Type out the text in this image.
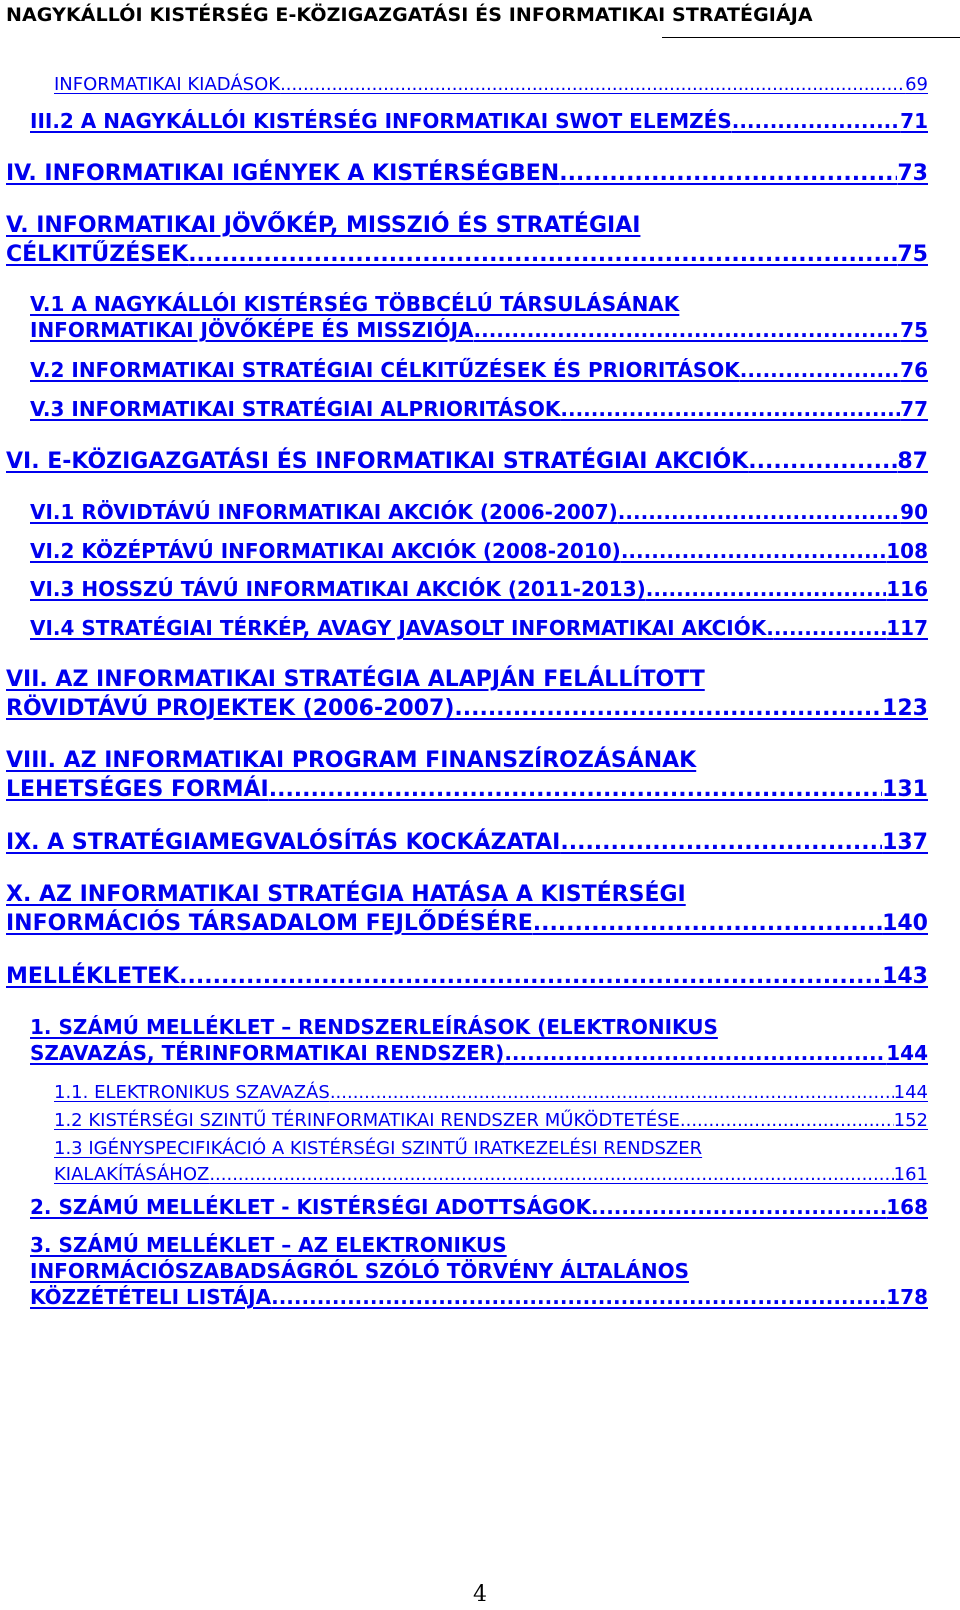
NAGYKÁLLÓI KISTÉRSÉG E-KÖZIGAZGATÁSI ÉS INFORMATIKAI STRATÉGIÁJA
INFORMATIKAI KIADÁSOK .....	69
III.2 A NAGYKÁLLÓI KISTÉRSÉG INFORMATIKAI SWOT ELEMZÉS .....	71
IV. INFORMATIKAI IGÉNYEK A KISTÉRSÉGBEN .....	73
V. INFORMATIKAI JÖVŐKÉP, MISSZIÓ ÉS STRATÉGIAI
CÉLKITŰZÉSEK .....	75
V.1 A NAGYKÁLLÓI KISTÉRSÉG TÖBBCÉLÚ TÁRSULÁSÁNAK
INFORMATIKAI JÖVŐKÉPE ÉS MISSZIÓJA .....	75
V.2 INFORMATIKAI STRATÉGIAI CÉLKITŰZÉSEK ÉS PRIORITÁSOK .....	76
V.3 INFORMATIKAI STRATÉGIAI ALPRIORITÁSOK .....	77
VI. E-KÖZIGAZGATÁSI ÉS INFORMATIKAI STRATÉGIAI AKCIÓK .....	87
VI.1 RÖVIDTÁVÚ INFORMATIKAI AKCIÓK (2006-2007) .....	90
VI.2 KÖZÉPTÁVÚ INFORMATIKAI AKCIÓK (2008-2010) .....	108
VI.3 HOSSZÚ TÁVÚ INFORMATIKAI AKCIÓK (2011-2013) .....	116
VI.4 STRATÉGIAI TÉRKÉP, AVAGY JAVASOLT INFORMATIKAI AKCIÓK. .....	117
VII. AZ INFORMATIKAI STRATÉGIA ALAPJÁN FELÁLLÍTOTT
RÖVIDTÁVÚ PROJEKTEK (2006-2007) .....	123
VIII. AZ INFORMATIKAI PROGRAM FINANSZÍROZÁSÁNAK
LEHETSÉGES FORMÁI .....	131
IX. A STRATÉGIAMEGVALÓSÍTÁS KOCKÁZATAI .....	137
X. AZ INFORMATIKAI STRATÉGIA HATÁSA A KISTÉRSÉGI
INFORMÁCIÓS TÁRSADALOM FEJLŐDÉSÉRE .....	140
MELLÉKLETEK .....	143
1. SZÁMÚ MELLÉKLET – RENDSZERLEÍRÁSOK (ELEKTRONIKUS
SZAVAZÁS, TÉRINFORMATIKAI RENDSZER) .....	144
1.1. ELEKTRONIKUS SZAVAZÁS .....	144
1.2 KISTÉRSÉGI SZINTŰ TÉRINFORMATIKAI RENDSZER MŰKÖDTETÉSE .....	152
1.3 IGÉNYSPECIFIKÁCIÓ A KISTÉRSÉGI SZINTŰ IRATKEZELÉSI RENDSZER
KIALAKÍTÁSÁHOZ .....	161
2. SZÁMÚ MELLÉKLET - KISTÉRSÉGI ADOTTSÁGOK .....	168
3. SZÁMÚ MELLÉKLET – AZ ELEKTRONIKUS
INFORMÁCIÓSZABADSÁGRÓL SZÓLÓ TÖRVÉNY ÁLTALÁNOS
KÖZZÉTÉTELI LISTÁJA .....	178
4
